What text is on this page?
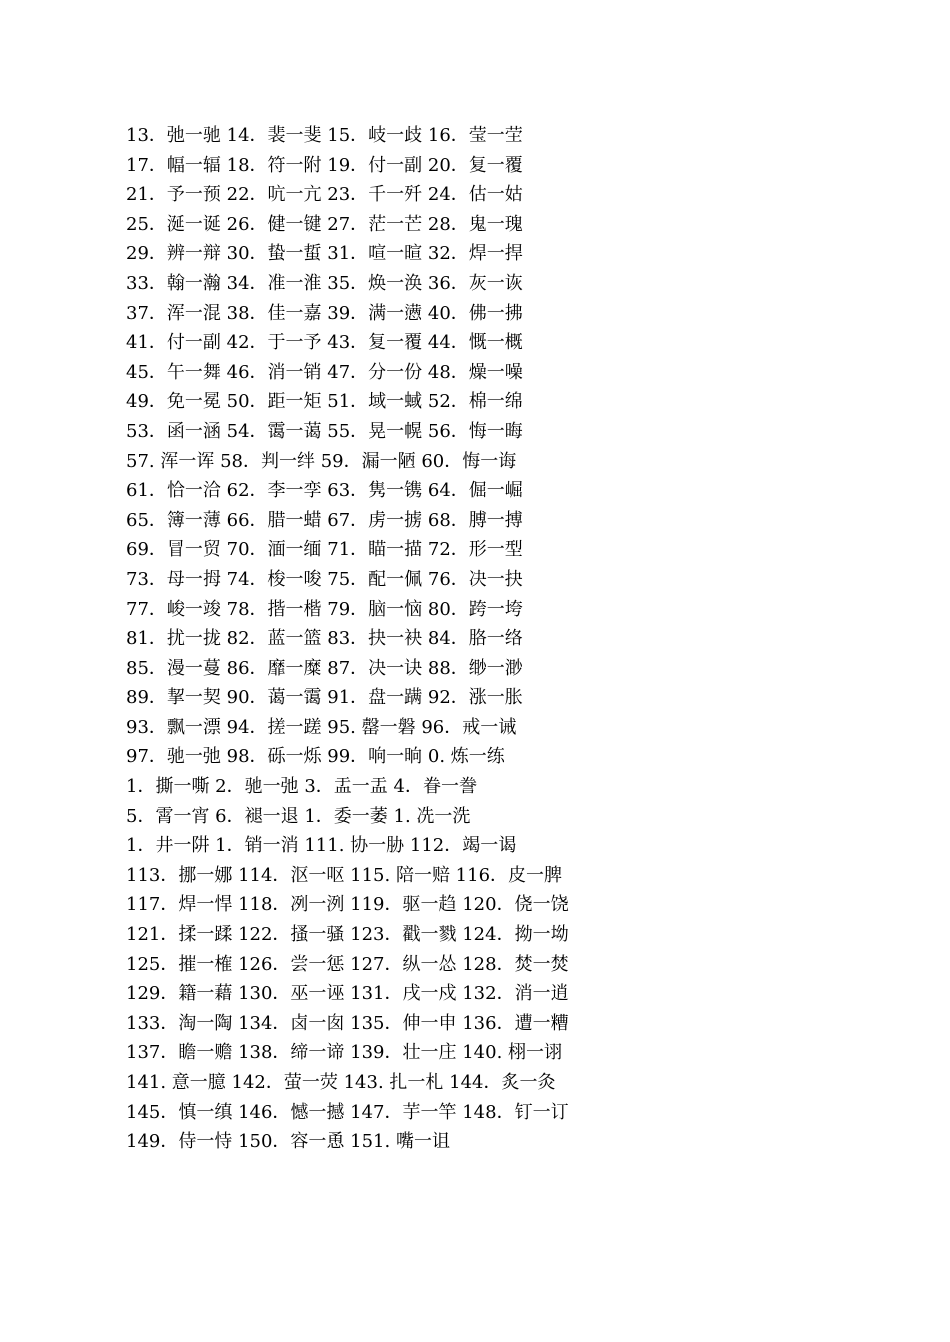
13．弛一驰 14．裴一斐 15．岐一歧 16．莹一茔
17．幅一辐 18．符一附 19．付一副 20．复一覆
21．予一预 22．吭一亢 23．千一歼 24．估一姑
25．涎一诞 26．健一键 27．茫一芒 28．鬼一瑰
29．辨一辩 30．蛰一蜇 31．喧一暄 32．焊一捍
33．翰一瀚 34．准一淮 35．焕一涣 36．灰一诙
37．浑一混 38．佳一嘉 39．满一懑 40．佛一拂
41．付一副 42．于一予 43．复一覆 44．慨一概
45．午一舞 46．消一销 47．分一份 48．燥一噪
49．免一冕 50．距一矩 51．域一蜮 52．棉一绵
53．函一涵 54．霭一蔼 55．晃一幌 56．悔一晦
57. 浑一诨 58．判一绊 59．漏一陋 60．悔一诲
61．恰一洽 62．李一孪 63．隽一镌 64．倔一崛
65．簿一薄 66．腊一蜡 67．虏一掳 68．膊一搏
69．冒一贸 70．湎一缅 71．瞄一描 72．形一型
73．母一拇 74．梭一唆 75．配一佩 76．决一抉
77．峻一竣 78．揩一楷 79．脑一恼 80．跨一垮
81．扰一拢 82．蓝一篮 83．抉一袂 84．胳一络
85．漫一蔓 86．靡一糜 87．决一诀 88．缈一渺
89．挈一契 90．蔼一霭 91．盘一蹒 92．涨一胀
93．飘一漂 94．搓一蹉 95. 罄一磐 96．戒一诫
97．驰一弛 98．砾一烁 99．响一晌 0. 炼一练
1．撕一嘶 2．驰一弛 3．盂一盂 4．眷一誊
5．霄一宵 6．褪一退 1．委一萎 1. 冼一洗
1．井一阱 1．销一消 111. 协一胁 112．竭一谒
113．挪一娜 114．沤一呕 115. 陪一赔 116．皮一脾
117．焊一悍 118．冽一洌 119．驱一趋 120．侥一饶
121．揉一蹂 122．搔一骚 123．戳一戮 124．拗一坳
125．摧一榷 126．尝一惩 127．纵一怂 128．焚一焚
129．籍一藉 130．巫一诬 131．戌一戍 132．消一逍
133．淘一陶 134．卤一囱 135．伸一申 136．遭一糟
137．瞻一赡 138．缔一谛 139．壮一庄 140. 栩一诩
141. 意一臆 142．萤一荧 143. 扎一札 144．炙一灸
145．慎一缜 146．憾一撼 147．芋一竿 148．钉一订
149．侍一恃 150．容一恿 151. 嘴一诅
